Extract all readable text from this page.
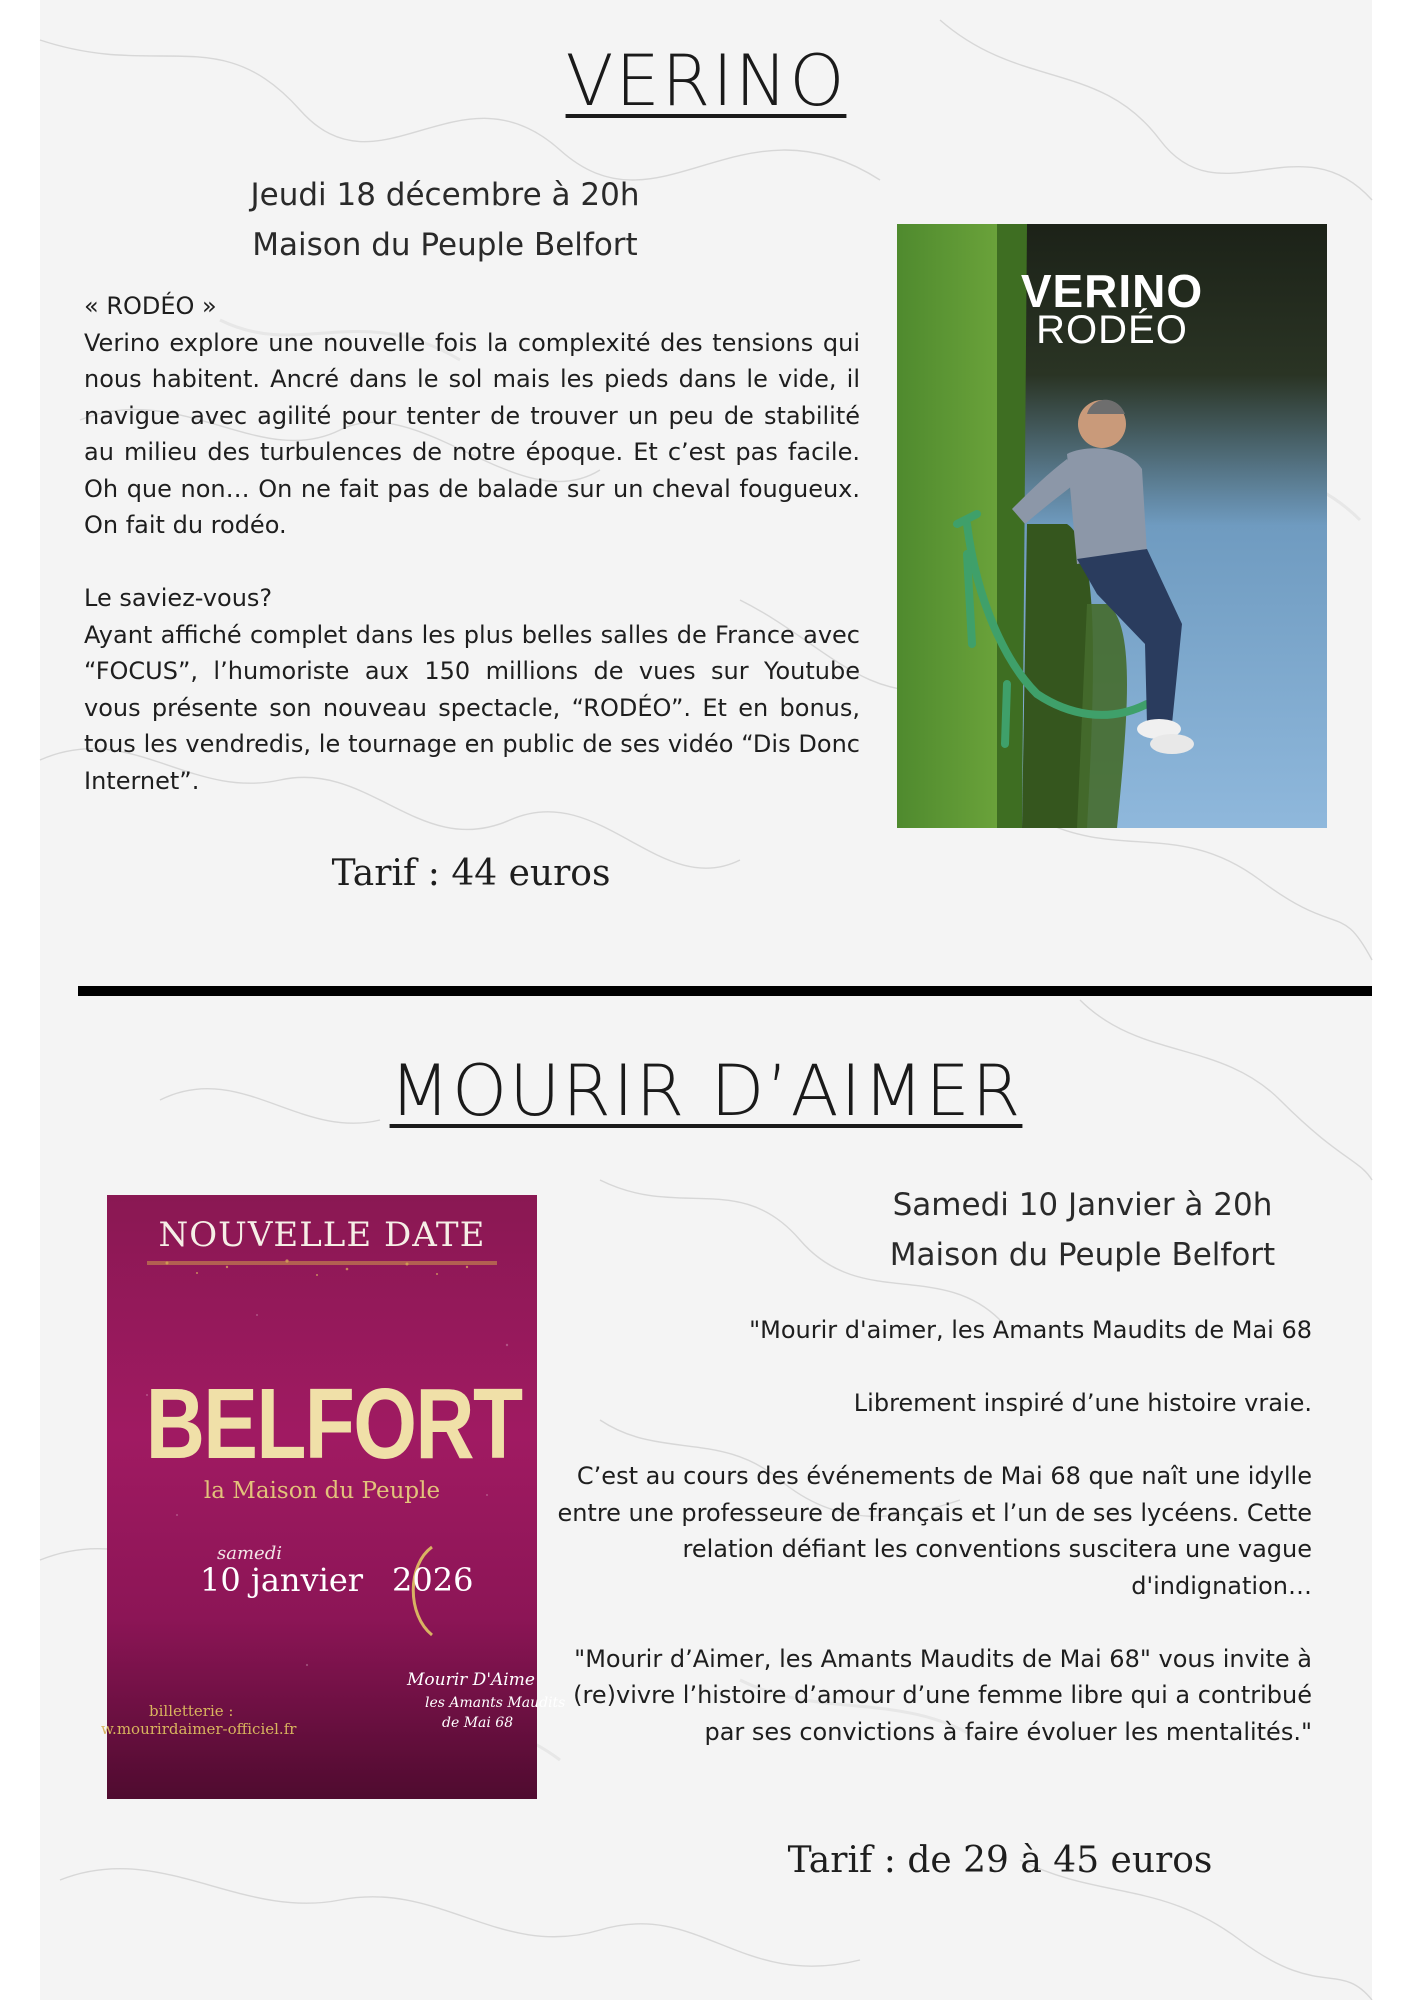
VERINO
Jeudi 18 décembre à 20h
Maison du Peuple Belfort

« RODÉO »

Verino explore une nouvelle fois la complexité des tensions qui nous habitent. Ancré dans le sol mais les pieds dans le vide, il navigue avec agilité pour tenter de trouver un peu de stabilité au milieu des turbulences de notre époque. Et c’est pas facile. Oh que non… On ne fait pas de balade sur un cheval fougueux. On fait du rodéo.

Le saviez-vous?

Ayant affiché complet dans les plus belles salles de France avec “FOCUS”, l’humoriste aux 150 millions de vues sur Youtube vous présente son nouveau spectacle, “RODÉO”. Et en bonus, tous les vendredis, le tournage en public de ses vidéo “Dis Donc Internet”.

Tarif : 44 euros
VERINO
RODÉO
MOURIR D’AIMER
Mourir D'Aime
les Amants Maudits
de Mai 68
NOUVELLE DATE
BELFORT
la Maison du Peuple
samedi
10 janvier 2026
billetterie :
w.mourirdaimer-officiel.fr
Samedi 10 Janvier à 20h
Maison du Peuple Belfort

"Mourir d'aimer, les Amants Maudits de Mai 68

Librement inspiré d’une histoire vraie.

C’est au cours des événements de Mai 68 que naît une idylle entre une professeure de français et l’un de ses lycéens. Cette relation défiant les conventions suscitera une vague d'indignation…

"Mourir d’Aimer, les Amants Maudits de Mai 68" vous invite à (re)vivre l’histoire d’amour d’une femme libre qui a contribué par ses convictions à faire évoluer les mentalités."

Tarif : de 29 à 45 euros
